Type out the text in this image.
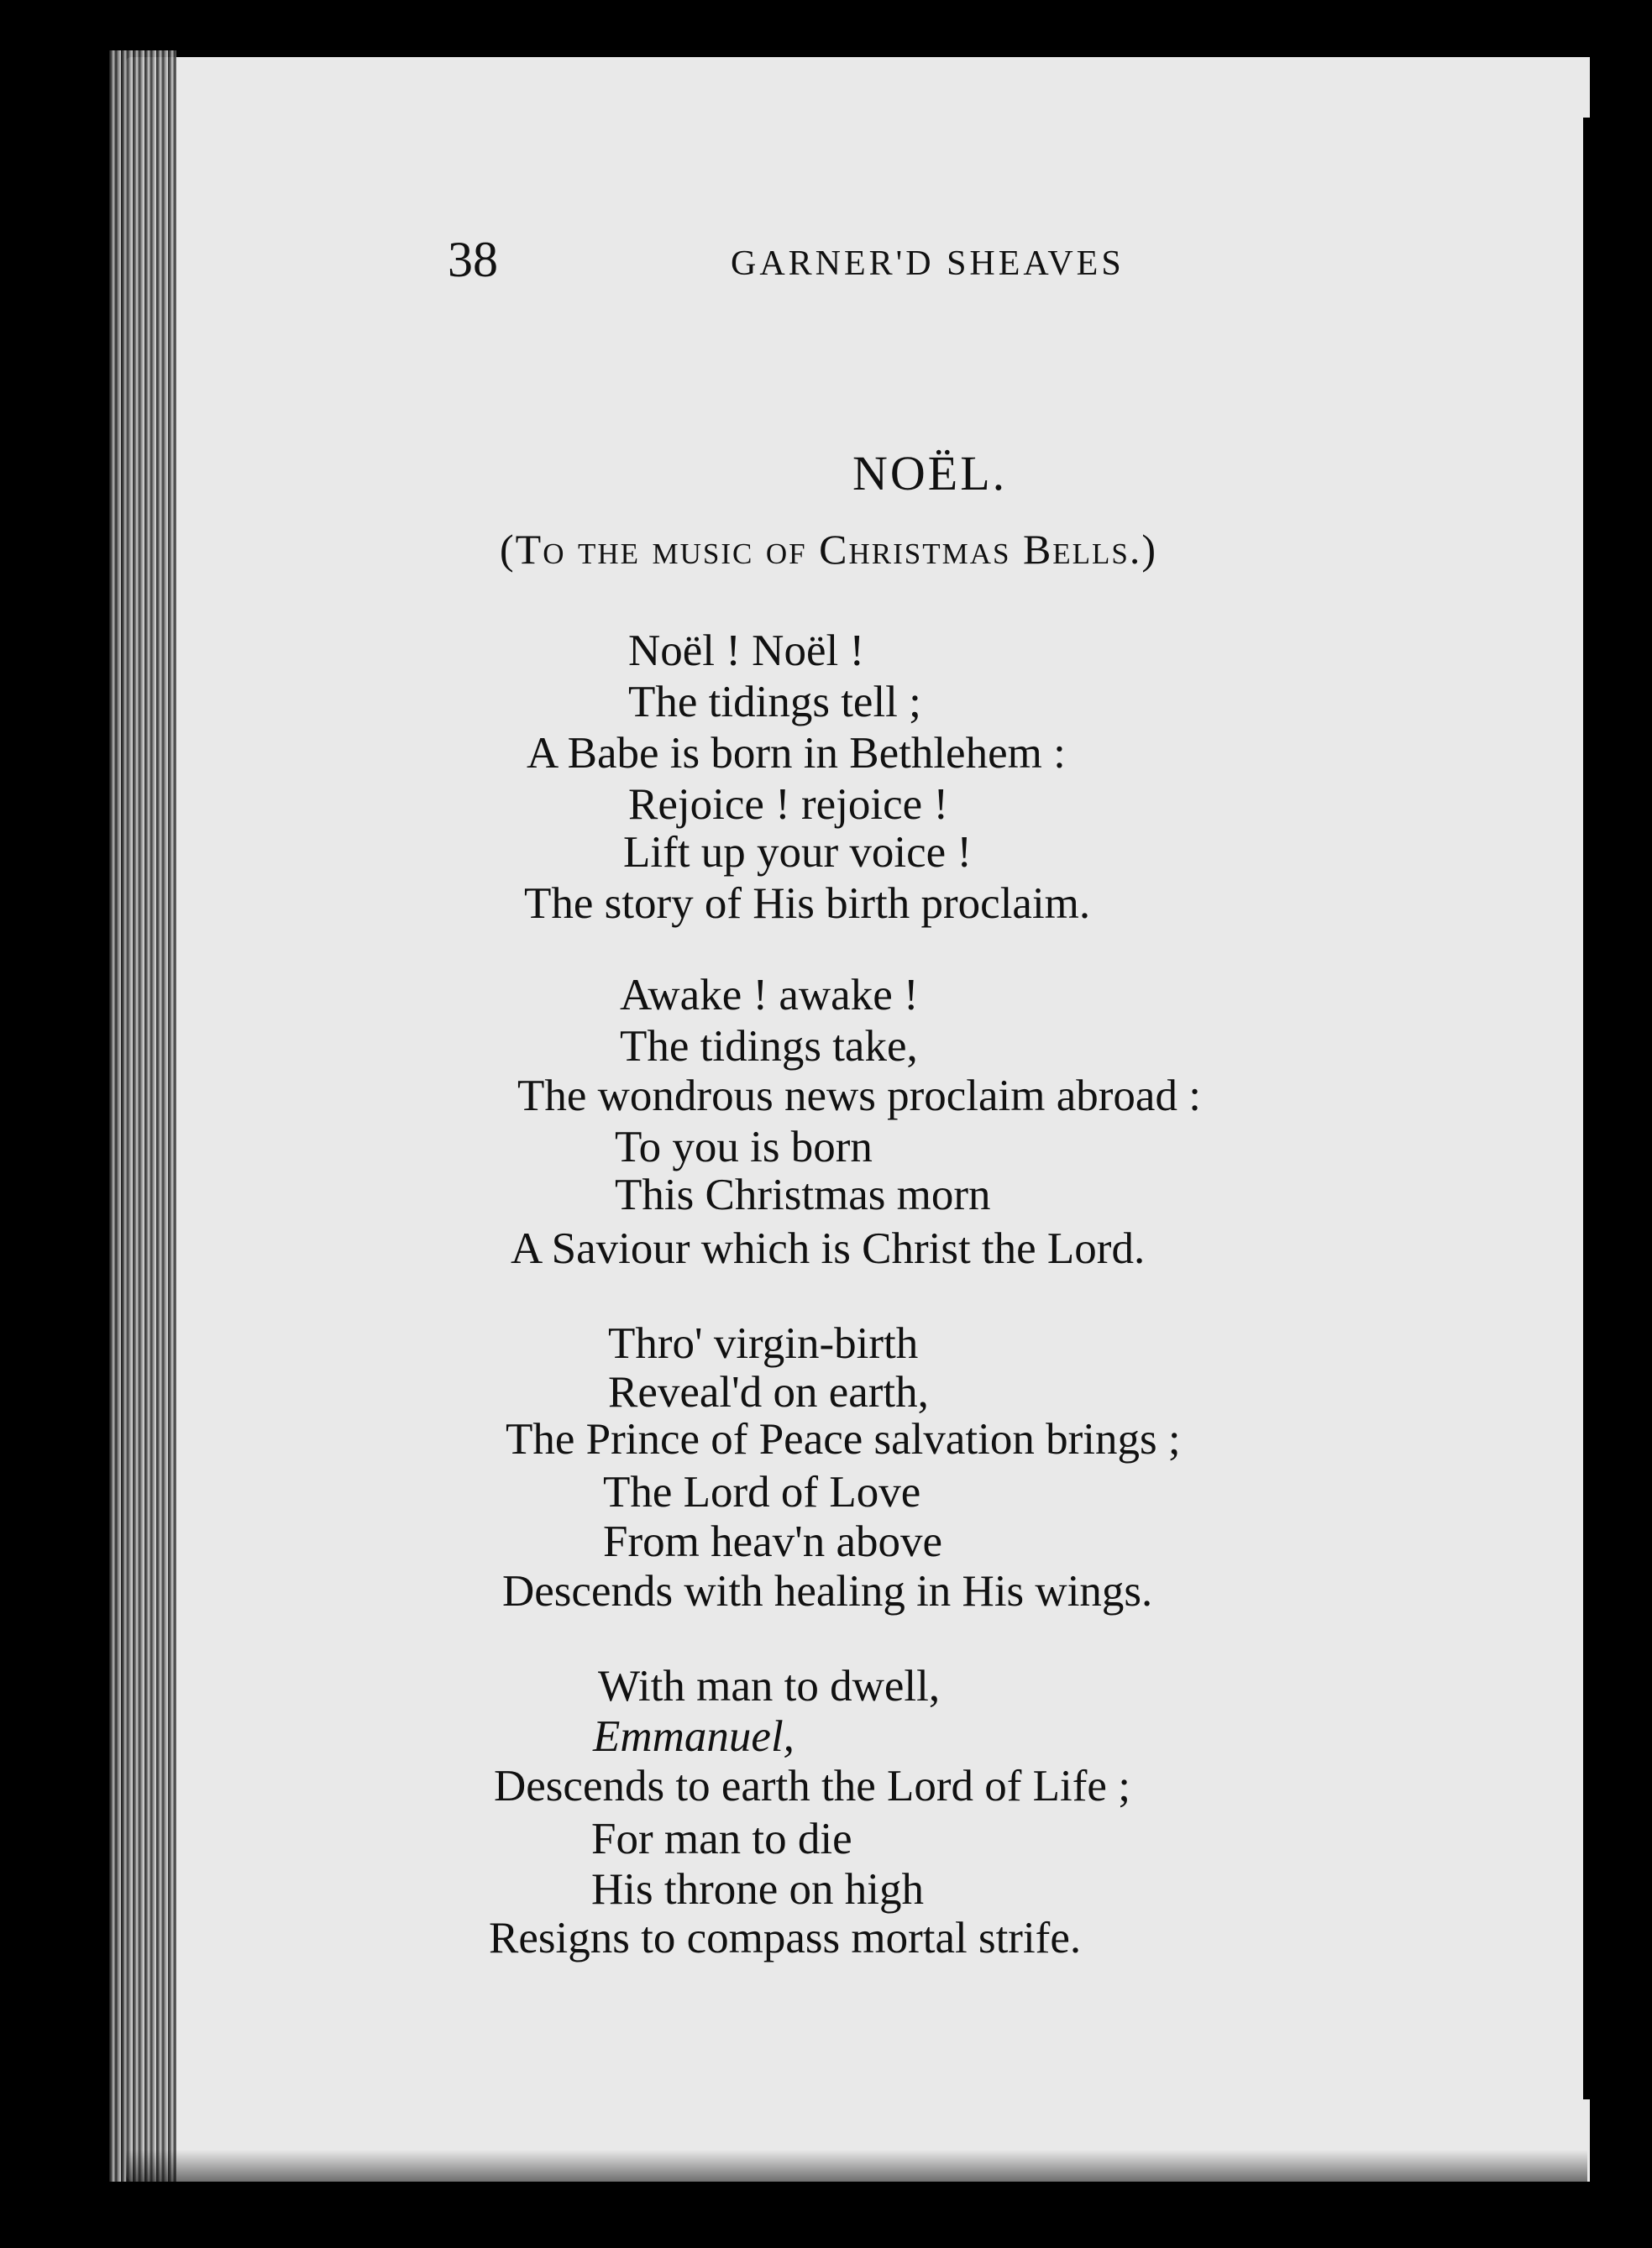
38	GARNER'D SHEAVES
NOËL.
(To the music of Christmas Bells.)
Noël ! Noël !
The tidings tell ;
A Babe is born in Bethlehem :
Rejoice ! rejoice !
Lift up your voice !
The story of His birth proclaim.
Awake ! awake !
The tidings take,
The wondrous news proclaim abroad :
To you is born
This Christmas morn
A Saviour which is Christ the Lord.
Thro' virgin-birth
Reveal'd on earth,
The Prince of Peace salvation brings ;
The Lord of Love
From heav'n above
Descends with healing in His wings.
With man to dwell,
Emmanuel,
Descends to earth the Lord of Life ;
For man to die
His throne on high
Resigns to compass mortal strife.
